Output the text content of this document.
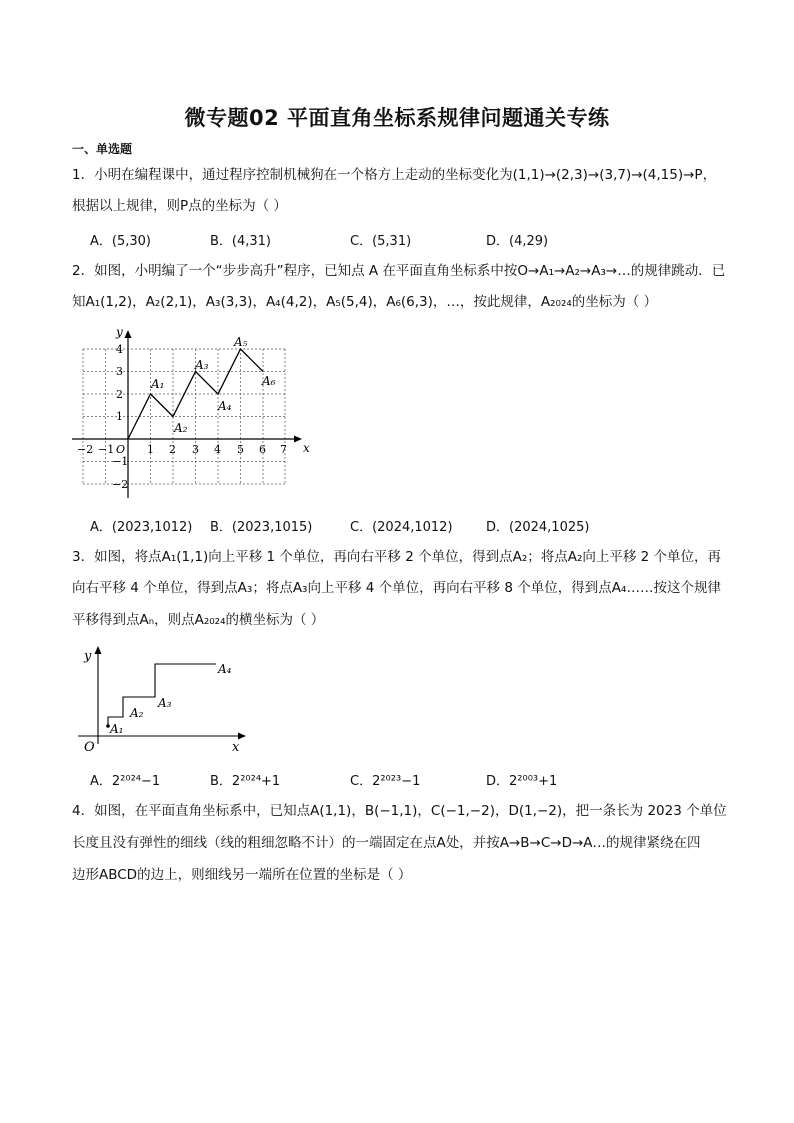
微专题02 平面直角坐标系规律问题通关专练
一、单选题
1．小明在编程课中，通过程序控制机械狗在一个格方上走动的坐标变化为(1,1)→(2,3)→(3,7)→(4,15)→P，
根据以上规律，则P点的坐标为（ ）
A．(5,30)	B．(4,31)	C．(5,31)	D．(4,29)
2．如图，小明编了一个“步步高升”程序，已知点 A 在平面直角坐标系中按O→A₁→A₂→A₃→…的规律跳动．已
知A₁(1,2)，A₂(2,1)，A₃(3,3)，A₄(4,2)，A₅(5,4)，A₆(6,3)，…，按此规律，A₂₀₂₄的坐标为（ ）
x
y
−2 −1 O 1 2 3 4 5 6 7
4
3
2
1
−1
−2
A₁
A₂
A₃
A₄
A₅
A₆
A．(2023,1012) B．(2023,1015)	C．(2024,1012)	D．(2024,1025)
3．如图，将点A₁(1,1)向上平移 1 个单位，再向右平移 2 个单位，得到点A₂；将点A₂向上平移 2 个单位，再
向右平移 4 个单位，得到点A₃；将点A₃向上平移 4 个单位，再向右平移 8 个单位，得到点A₄……按这个规律
平移得到点Aₙ，则点A₂₀₂₄的横坐标为（ ）
y
x
O
A₁
A₂
A₃
A₄
A．2²⁰²⁴−1	B．2²⁰²⁴+1	C．2²⁰²³−1	D．2²⁰⁰³+1
4．如图，在平面直角坐标系中，已知点A(1,1)，B(−1,1)，C(−1,−2)，D(1,−2)，把一条长为 2023 个单位
长度且没有弹性的细线（线的粗细忽略不计）的一端固定在点A处，并按A→B→C→D→A…的规律紧绕在四
边形ABCD的边上，则细线另一端所在位置的坐标是（ ）
